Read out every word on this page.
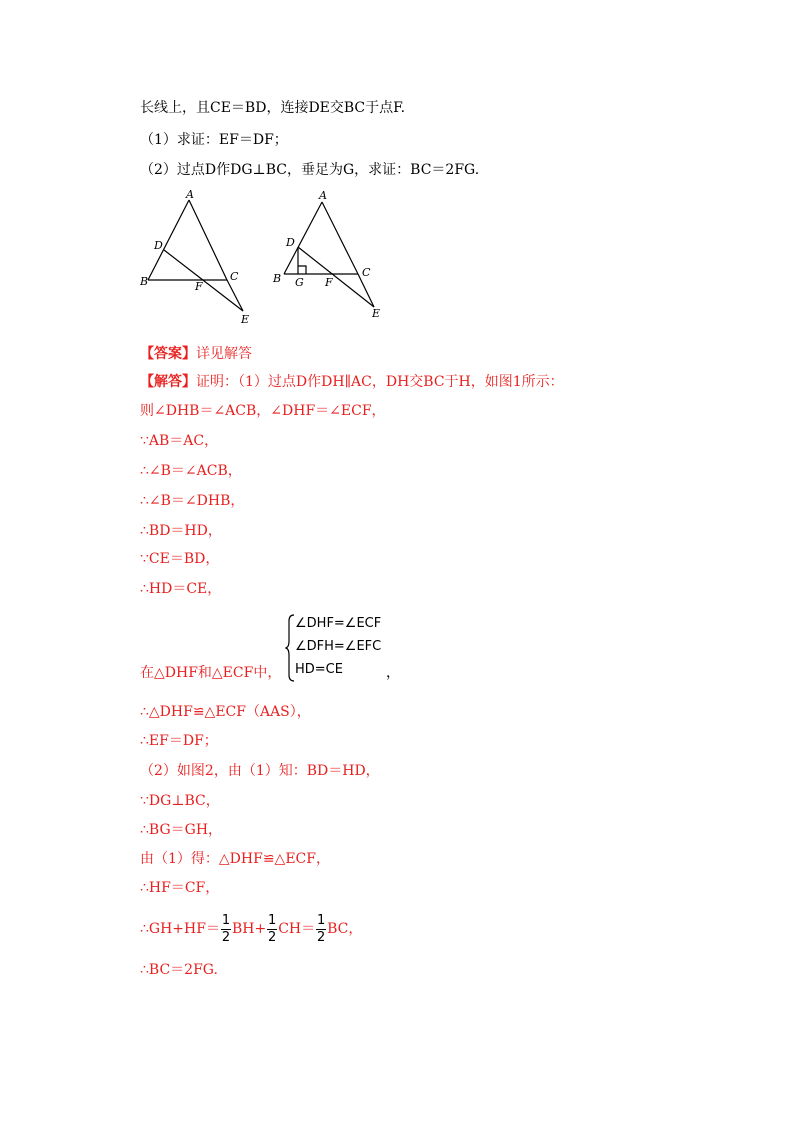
长线上，且CE＝BD，连接DE交BC于点F.
（1）求证：EF＝DF；
（2）过点D作DG⊥BC，垂足为G，求证：BC＝2FG.
A
D
B	C
F
E
A
D
B G F
C
E
【答案】详见解答
【解答】证明：（1）过点D作DH∥AC，DH交BC于H，如图1所示：
则∠DHB＝∠ACB，∠DHF＝∠ECF，
∵AB＝AC，
∴∠B＝∠ACB，
∴∠B＝∠DHB，
∴BD＝HD，
∵CE＝BD，
∴HD＝CE，
在△DHF和△ECF中，
∠DHF=∠ECF
∠DFH=∠EFC
HD=CE	，
∴△DHF≌△ECF（AAS），
∴EF＝DF；
（2）如图2，由（1）知：BD＝HD，
∵DG⊥BC，
∴BG＝GH，
由（1）得：△DHF≌△ECF，
∴HF＝CF，
∴GH+HF＝ $\frac{1}{2} BH+ \frac{1}{2} CH= \frac{1}{2}$ BC，
∴BC＝2FG.
